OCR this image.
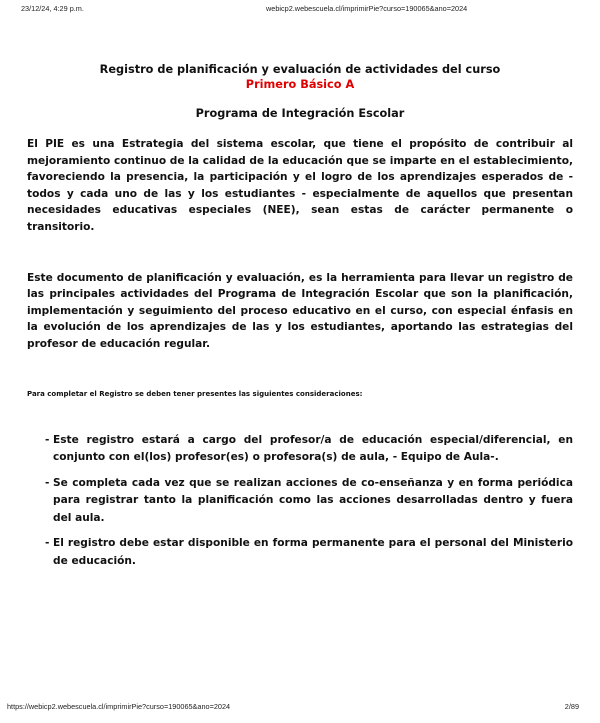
23/12/24, 4:29 p.m.	webicp2.webescuela.cl/imprimirPie?curso=190065&ano=2024

Registro de planificación y evaluación de actividades del curso

Primero Básico A

Programa de Integración Escolar

El PIE es una Estrategia del sistema escolar, que tiene el propósito de contribuir al mejoramiento continuo de la calidad de la educación que se imparte en el establecimiento, favoreciendo la presencia, la participación y el logro de los aprendizajes esperados de - todos y cada uno de las y los estudiantes - especialmente de aquellos que presentan necesidades educativas especiales (NEE), sean estas de carácter permanente o transitorio.

Este documento de planificación y evaluación, es la herramienta para llevar un registro de las principales actividades del Programa de Integración Escolar que son la planificación, implementación y seguimiento del proceso educativo en el curso, con especial énfasis en la evolución de los aprendizajes de las y los estudiantes, aportando las estrategias del profesor de educación regular.

Para completar el Registro se deben tener presentes las siguientes consideraciones:

- Este registro estará a cargo del profesor/a de educación especial/diferencial, en conjunto con el(los) profesor(es) o profesora(s) de aula, - Equipo de Aula-.
- Se completa cada vez que se realizan acciones de co-enseñanza y en forma periódica para registrar tanto la planificación como las acciones desarrolladas dentro y fuera del aula.
- El registro debe estar disponible en forma permanente para el personal del Ministerio de educación.
https://webicp2.webescuela.cl/imprimirPie?curso=190065&ano=2024	2/89
